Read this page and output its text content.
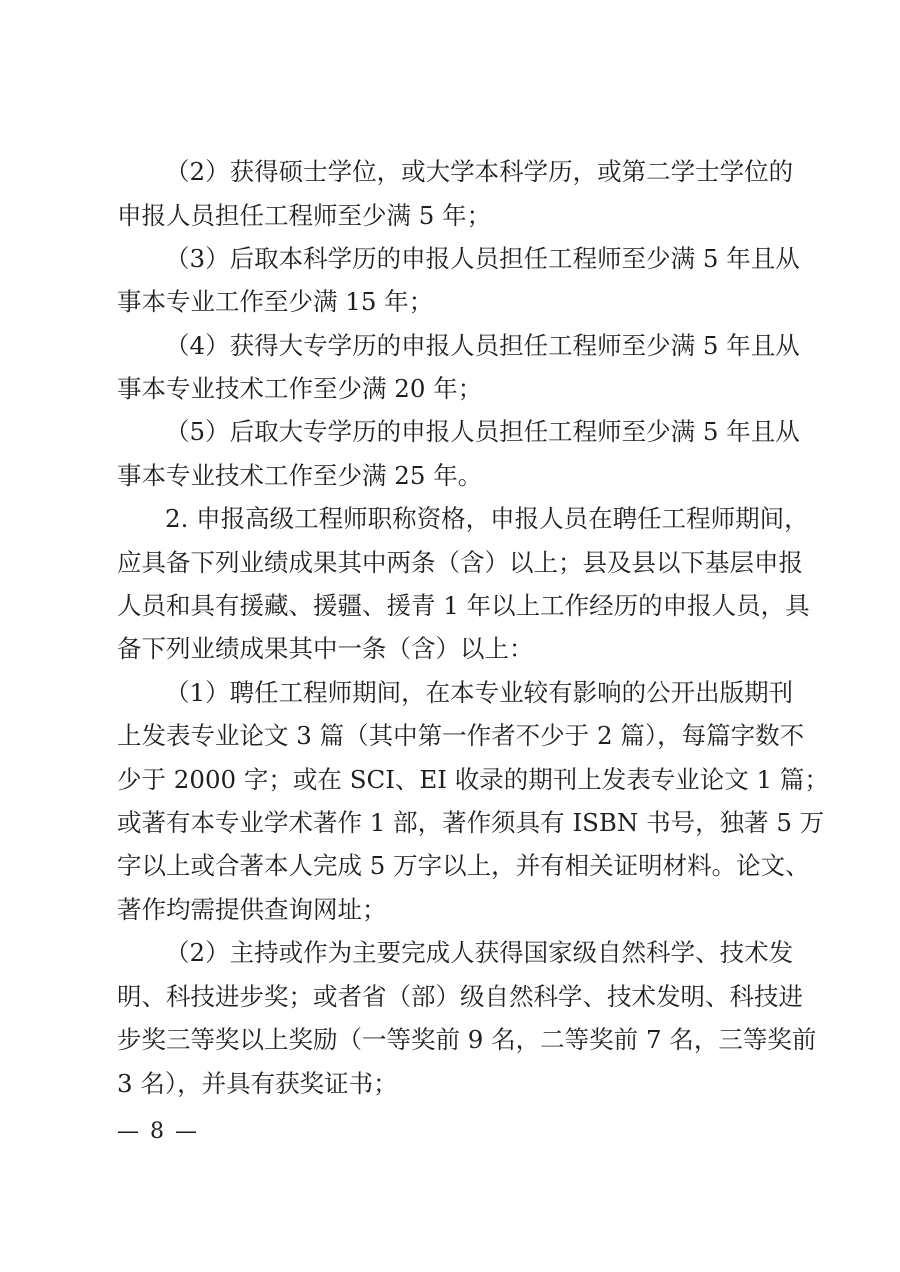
（2）获得硕士学位，或大学本科学历，或第二学士学位的
申报人员担任工程师至少满 5 年；
（3）后取本科学历的申报人员担任工程师至少满 5 年且从
事本专业工作至少满 15 年；
（4）获得大专学历的申报人员担任工程师至少满 5 年且从
事本专业技术工作至少满 20 年；
（5）后取大专学历的申报人员担任工程师至少满 5 年且从
事本专业技术工作至少满 25 年。
2. 申报高级工程师职称资格，申报人员在聘任工程师期间，
应具备下列业绩成果其中两条（含）以上；县及县以下基层申报
人员和具有援藏、援疆、援青 1 年以上工作经历的申报人员，具
备下列业绩成果其中一条（含）以上：
（1）聘任工程师期间，在本专业较有影响的公开出版期刊
上发表专业论文 3 篇（其中第一作者不少于 2 篇），每篇字数不
少于 2000 字；或在 SCI、EI 收录的期刊上发表专业论文 1 篇；
或著有本专业学术著作 1 部，著作须具有 ISBN 书号，独著 5 万
字以上或合著本人完成 5 万字以上，并有相关证明材料。论文、
著作均需提供查询网址；
（2）主持或作为主要完成人获得国家级自然科学、技术发
明、科技进步奖；或者省（部）级自然科学、技术发明、科技进
步奖三等奖以上奖励（一等奖前 9 名，二等奖前 7 名，三等奖前
3 名），并具有获奖证书；
— 8 —
